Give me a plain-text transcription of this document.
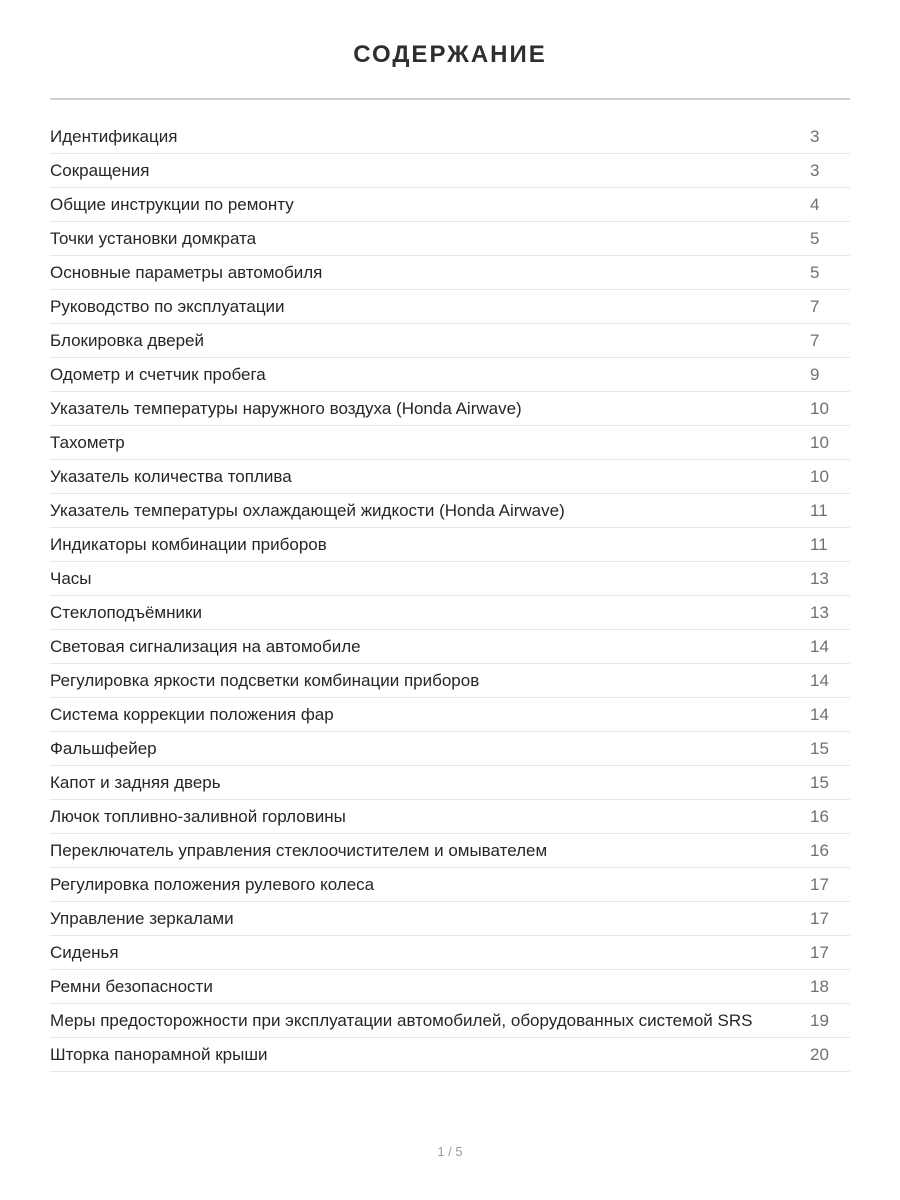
СОДЕРЖАНИЕ
Идентификация	3
Сокращения	3
Общие инструкции по ремонту	4
Точки установки домкрата	5
Основные параметры автомобиля	5
Руководство по эксплуатации	7
Блокировка дверей	7
Одометр и счетчик пробега	9
Указатель температуры наружного воздуха (Honda Airwave)	10
Тахометр	10
Указатель количества топлива	10
Указатель температуры охлаждающей жидкости (Honda Airwave)	11
Индикаторы комбинации приборов	11
Часы	13
Стеклоподъёмники	13
Световая сигнализация на автомобиле	14
Регулировка яркости подсветки комбинации приборов	14
Система коррекции положения фар	14
Фальшфейер	15
Капот и задняя дверь	15
Лючок топливно-заливной горловины	16
Переключатель управления стеклоочистителем и омывателем	16
Регулировка положения рулевого колеса	17
Управление зеркалами	17
Сиденья	17
Ремни безопасности	18
Меры предосторожности при эксплуатации автомобилей, оборудованных системой SRS	19
Шторка панорамной крыши	20
1 / 5
